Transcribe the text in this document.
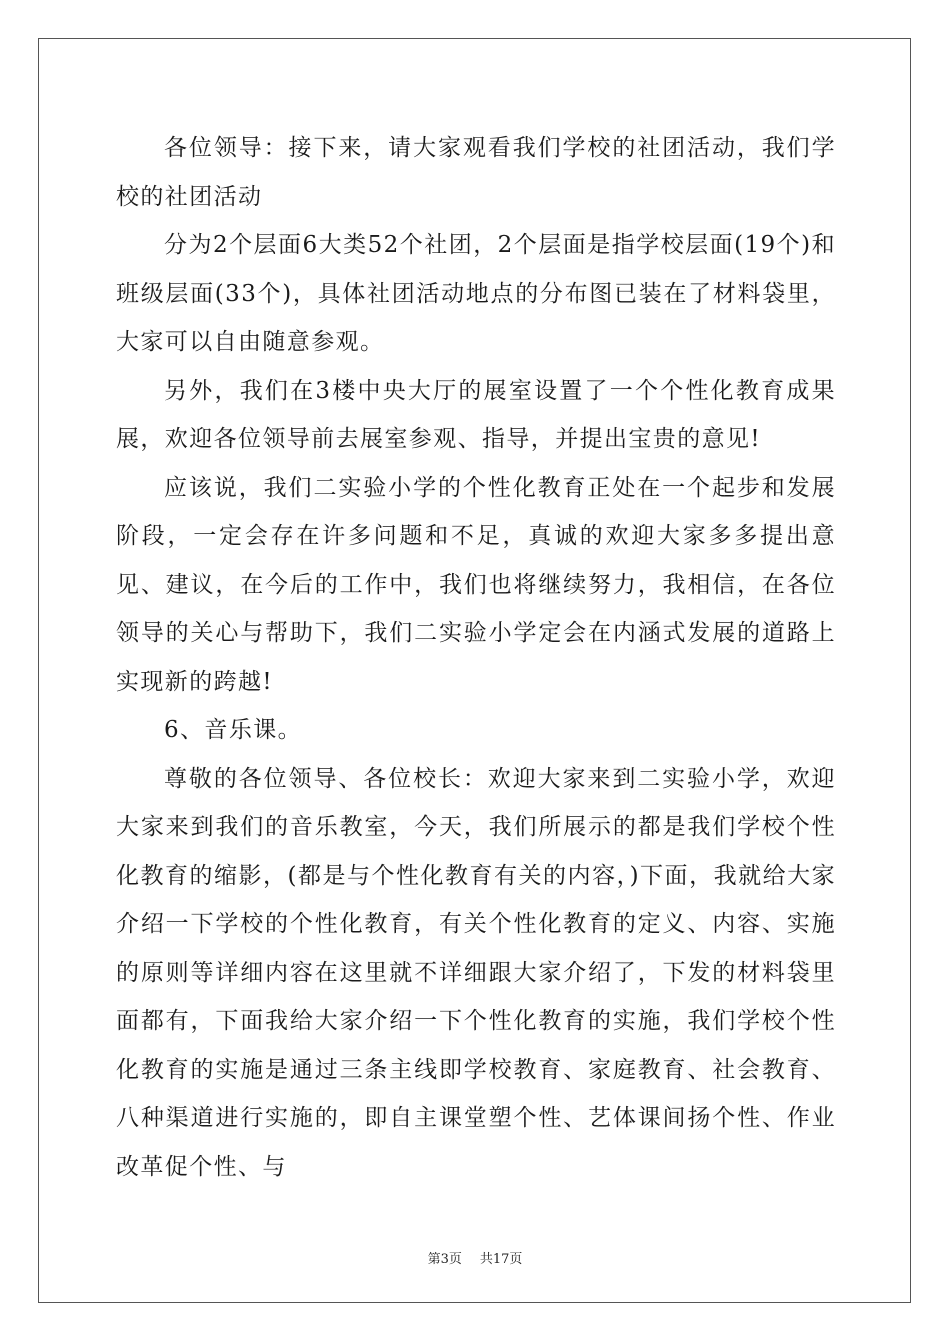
各位领导：接下来，请大家观看我们学校的社团活动，我们学校的社团活动

分为2个层面6大类52个社团，2个层面是指学校层面(19个)和班级层面(33个)，具体社团活动地点的分布图已装在了材料袋里，大家可以自由随意参观。

另外，我们在3楼中央大厅的展室设置了一个个性化教育成果展，欢迎各位领导前去展室参观、指导，并提出宝贵的意见!

应该说，我们二实验小学的个性化教育正处在一个起步和发展阶段，一定会存在许多问题和不足，真诚的欢迎大家多多提出意见、建议，在今后的工作中，我们也将继续努力，我相信，在各位领导的关心与帮助下，我们二实验小学定会在内涵式发展的道路上实现新的跨越!

6、音乐课。

尊敬的各位领导、各位校长：欢迎大家来到二实验小学，欢迎大家来到我们的音乐教室，今天，我们所展示的都是我们学校个性化教育的缩影，(都是与个性化教育有关的内容，)下面，我就给大家介绍一下学校的个性化教育，有关个性化教育的定义、内容、实施的原则等详细内容在这里就不详细跟大家介绍了，下发的材料袋里面都有，下面我给大家介绍一下个性化教育的实施，我们学校个性化教育的实施是通过三条主线即学校教育、家庭教育、社会教育、八种渠道进行实施的，即自主课堂塑个性、艺体课间扬个性、作业改革促个性、与

第3页 共17页
